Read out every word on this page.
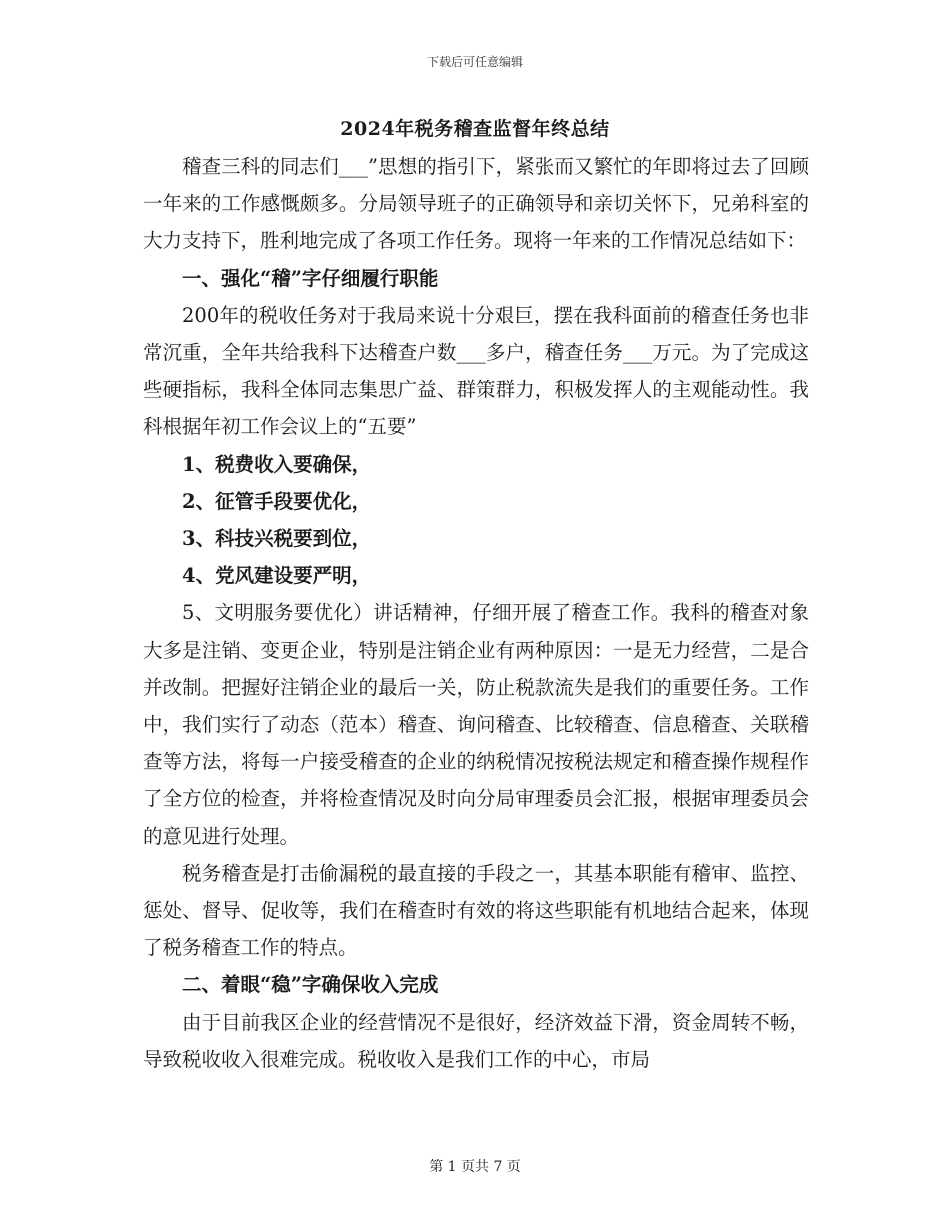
下载后可任意编辑
2024年税务稽查监督年终总结

稽查三科的同志们___”思想的指引下，紧张而又繁忙的年即将过去了回顾一年来的工作感慨颇多。分局领导班子的正确领导和亲切关怀下，兄弟科室的大力支持下，胜利地完成了各项工作任务。现将一年来的工作情况总结如下：

一、强化“稽”字仔细履行职能

200年的税收任务对于我局来说十分艰巨，摆在我科面前的稽查任务也非常沉重，全年共给我科下达稽查户数___多户，稽查任务___万元。为了完成这些硬指标，我科全体同志集思广益、群策群力，积极发挥人的主观能动性。我科根据年初工作会议上的“五要”

1、税费收入要确保，

2、征管手段要优化，

3、科技兴税要到位，

4、党风建设要严明，

5、文明服务要优化）讲话精神，仔细开展了稽查工作。我科的稽查对象大多是注销、变更企业，特别是注销企业有两种原因：一是无力经营，二是合并改制。把握好注销企业的最后一关，防止税款流失是我们的重要任务。工作中，我们实行了动态（范本）稽查、询问稽查、比较稽查、信息稽查、关联稽查等方法，将每一户接受稽查的企业的纳税情况按税法规定和稽查操作规程作了全方位的检查，并将检查情况及时向分局审理委员会汇报，根据审理委员会的意见进行处理。

税务稽查是打击偷漏税的最直接的手段之一，其基本职能有稽审、监控、惩处、督导、促收等，我们在稽查时有效的将这些职能有机地结合起来，体现了税务稽查工作的特点。

二、着眼“稳”字确保收入完成

由于目前我区企业的经营情况不是很好，经济效益下滑，资金周转不畅，导致税收收入很难完成。税收收入是我们工作的中心，市局

第 1 页共 7 页
